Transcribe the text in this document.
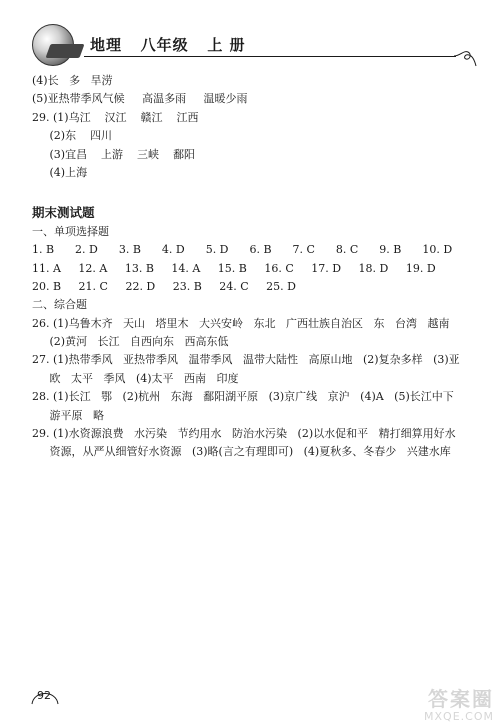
地理   八年级   上 册
(4)长   多   旱涝
(5)亚热带季风气候     高温多雨     温暖少雨
29. (1)乌江    汉江    赣江    江西
(2)东    四川
(3)宜昌    上游    三峡    鄱阳
(4)上海
期末测试题
一、单项选择题
1. B      2. D      3. B      4. D      5. D      6. B      7. C      8. C      9. B      10. D
11. A     12. A     13. B     14. A     15. B     16. C     17. D     18. D     19. D
20. B     21. C     22. D     23. B     24. C     25. D
二、综合题
26. (1)乌鲁木齐   天山   塔里木   大兴安岭   东北   广西壮族自治区   东   台湾   越南
(2)黄河   长江   自西向东   西高东低
27. (1)热带季风   亚热带季风   温带季风   温带大陆性   高原山地   (2)复杂多样   (3)亚
欧   太平   季风   (4)太平   西南   印度
28. (1)长江   鄂   (2)杭州   东海   鄱阳湖平原   (3)京广线   京沪   (4)A   (5)长江中下
游平原   略
29. (1)水资源浪费   水污染   节约用水   防治水污染   (2)以水促和平   精打细算用好水
资源，从严从细管好水资源   (3)略(言之有理即可)   (4)夏秋多、冬春少   兴建水库
92	答案圈
MXQE.COM
